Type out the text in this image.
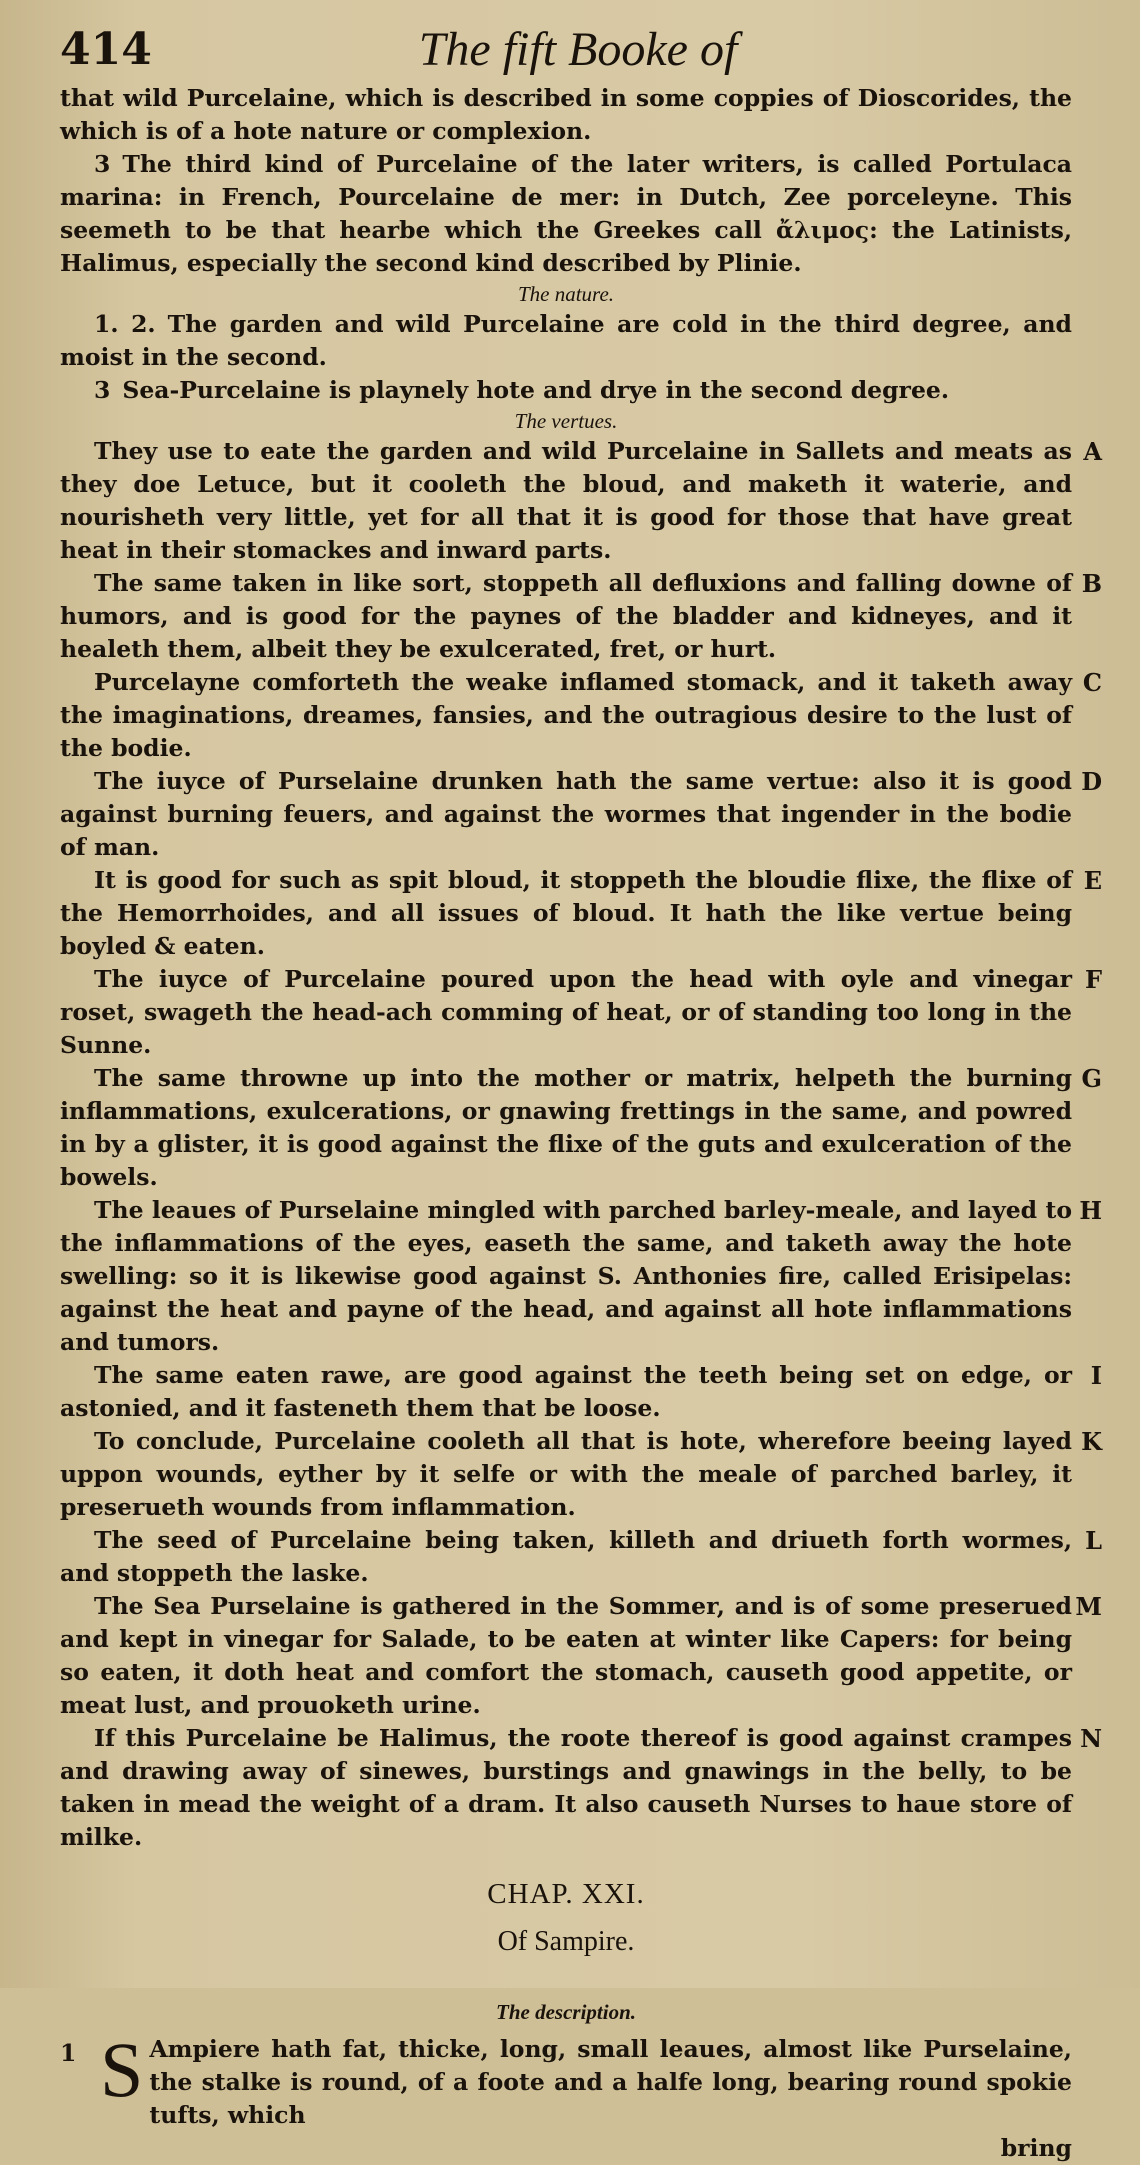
414	The fift Booke of

that wild Purcelaine, which is described in some coppies of Dioscorides, the which is of a hote nature or complexion.

3 The third kind of Purcelaine of the later writers, is called Portulaca marina: in French, Pourcelaine de mer: in Dutch, Zee porceleyne. This seemeth to be that hearbe which the Greekes call ἄλιμος: the Latinists, Halimus, especially the second kind described by Plinie.

The nature.

1. 2. The garden and wild Purcelaine are cold in the third degree, and moist in the second.

3 Sea-Purcelaine is playnely hote and drye in the second degree.

The vertues.

They use to eate the garden and wild Purcelaine in Sallets and meats as they doe Letuce, but it cooleth the bloud, and maketh it waterie, and nourisheth very little, yet for all that it is good for those that have great heat in their stomackes and inward parts.
A

The same taken in like sort, stoppeth all defluxions and falling downe of humors, and is good for the paynes of the bladder and kidneyes, and it healeth them, albeit they be exulcerated, fret, or hurt.
B

Purcelayne comforteth the weake inflamed stomack, and it taketh away the imaginations, dreames, fansies, and the outragious desire to the lust of the bodie.
C

The iuyce of Purselaine drunken hath the same vertue: also it is good against burning feuers, and against the wormes that ingender in the bodie of man.
D

It is good for such as spit bloud, it stoppeth the bloudie flixe, the flixe of the Hemorrhoides, and all issues of bloud. It hath the like vertue being boyled & eaten.
E

The iuyce of Purcelaine poured upon the head with oyle and vinegar roset, swageth the head-ach comming of heat, or of standing too long in the Sunne.
F

The same throwne up into the mother or matrix, helpeth the burning inflammations, exulcerations, or gnawing frettings in the same, and powred in by a glister, it is good against the flixe of the guts and exulceration of the bowels.
G

The leaues of Purselaine mingled with parched barley-meale, and layed to the inflammations of the eyes, easeth the same, and taketh away the hote swelling: so it is likewise good against S. Anthonies fire, called Erisipelas: against the heat and payne of the head, and against all hote inflammations and tumors.
H

The same eaten rawe, are good against the teeth being set on edge, or astonied, and it fasteneth them that be loose.
I

To conclude, Purcelaine cooleth all that is hote, wherefore beeing layed uppon wounds, eyther by it selfe or with the meale of parched barley, it preserueth wounds from inflammation.
K

The seed of Purcelaine being taken, killeth and driueth forth wormes, and stoppeth the laske.
L

The Sea Purselaine is gathered in the Sommer, and is of some preserued and kept in vinegar for Salade, to be eaten at winter like Capers: for being so eaten, it doth heat and comfort the stomach, causeth good appetite, or meat lust, and prouoketh urine.
M

If this Purcelaine be Halimus, the roote thereof is good against crampes and drawing away of sinewes, burstings and gnawings in the belly, to be taken in mead the weight of a dram. It also causeth Nurses to haue store of milke.
N

CHAP. XXI.

Of Sampire.

The description.

1 S Ampiere hath fat, thicke, long, small leaues, almost like Purselaine, the stalke is round, of a foote and a halfe long, bearing round spokie tufts, which
bring
